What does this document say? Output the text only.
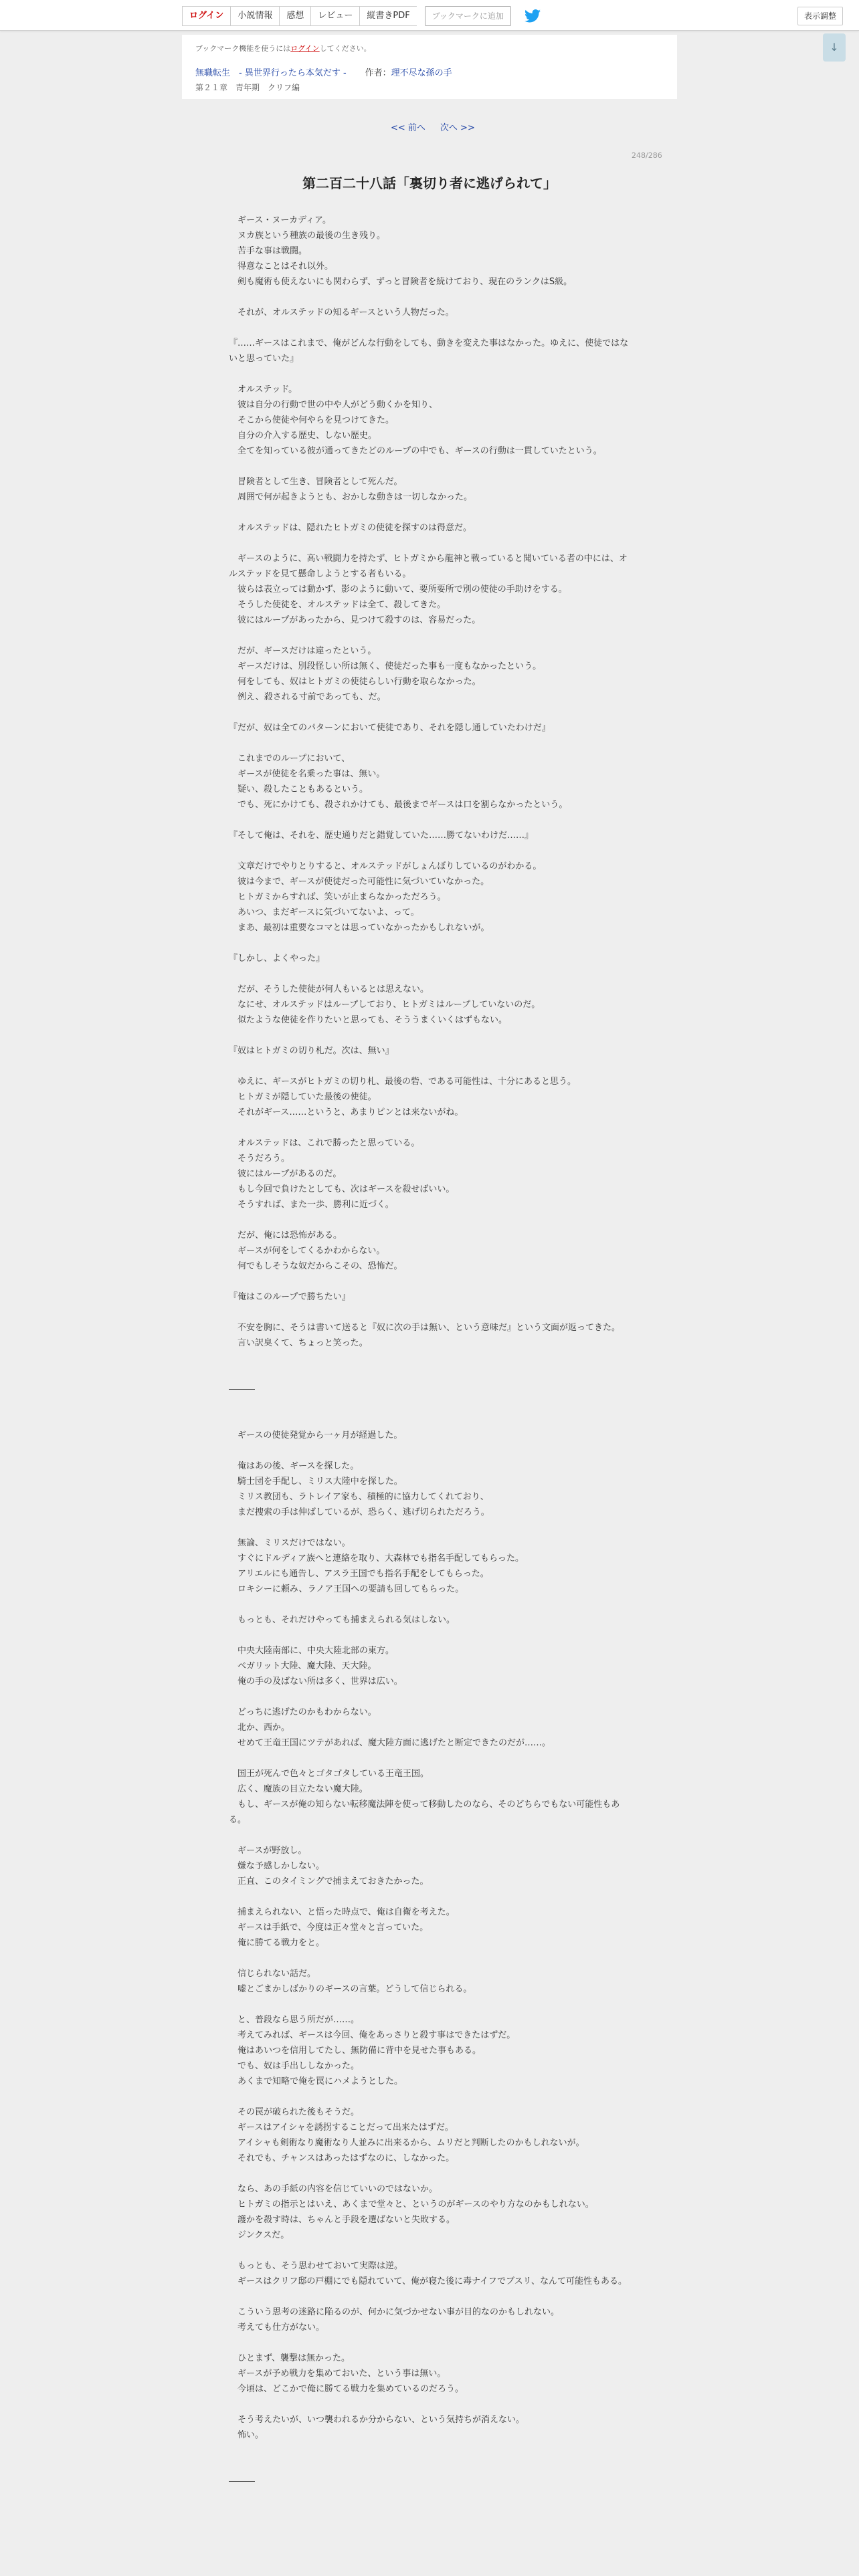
ログイン	小説情報	感想	レビュー	縦書きPDF	ブックマークに追加	表示調整
↓
ブックマーク機能を使うにはログインしてください。
無職転生　- 異世界行ったら本気だす - 作者：理不尽な孫の手
第２１章　青年期　クリフ編
<< 前へ 次へ >>
248/286
第二百二十八話「裏切り者に逃げられて」

　ギース・ヌーカディア。

　ヌカ族という種族の最後の生き残り。

　苦手な事は戦闘。

　得意なことはそれ以外。

　剣も魔術も使えないにも関わらず、ずっと冒険者を続けており、現在のランクはS級。

　それが、オルステッドの知るギースという人物だった。

『……ギースはこれまで、俺がどんな行動をしても、動きを変えた事はなかった。ゆえに、使徒ではないと思っていた』

　オルステッド。

　彼は自分の行動で世の中や人がどう動くかを知り、

　そこから使徒や何やらを見つけてきた。

　自分の介入する歴史、しない歴史。

　全てを知っている彼が通ってきたどのループの中でも、ギースの行動は一貫していたという。

　冒険者として生き、冒険者として死んだ。

　周囲で何が起きようとも、おかしな動きは一切しなかった。

　オルステッドは、隠れたヒトガミの使徒を探すのは得意だ。

　ギースのように、高い戦闘力を持たず、ヒトガミから龍神と戦っていると聞いている者の中には、オルステッドを見て懸命しようとする者もいる。

　彼らは表立っては動かず、影のように動いて、要所要所で別の使徒の手助けをする。

　そうした使徒を、オルステッドは全て、殺してきた。

　彼にはループがあったから、見つけて殺すのは、容易だった。

　だが、ギースだけは違ったという。

　ギースだけは、別段怪しい所は無く、使徒だった事も一度もなかったという。

　何をしても、奴はヒトガミの使徒らしい行動を取らなかった。

　例え、殺される寸前であっても、だ。

『だが、奴は全てのパターンにおいて使徒であり、それを隠し通していたわけだ』

　これまでのループにおいて、

　ギースが使徒を名乗った事は、無い。

　疑い、殺したこともあるという。

　でも、死にかけても、殺されかけても、最後までギースは口を割らなかったという。

『そして俺は、それを、歴史通りだと錯覚していた……勝てないわけだ……』

　文章だけでやりとりすると、オルステッドがしょんぼりしているのがわかる。

　彼は今まで、ギースが使徒だった可能性に気づいていなかった。

　ヒトガミからすれば、笑いが止まらなかっただろう。

　あいつ、まだギースに気づいてないよ、って。

　まあ、最初は重要なコマとは思っていなかったかもしれないが。

『しかし、よくやった』

　だが、そうした使徒が何人もいるとは思えない。

　なにせ、オルステッドはループしており、ヒトガミはループしていないのだ。

　似たような使徒を作りたいと思っても、そううまくいくはずもない。

『奴はヒトガミの切り札だ。次は、無い』

　ゆえに、ギースがヒトガミの切り札、最後の砦、である可能性は、十分にあると思う。

　ヒトガミが隠していた最後の使徒。

　それがギース……というと、あまりピンとは来ないがね。

　オルステッドは、これで勝ったと思っている。

　そうだろう。

　彼にはループがあるのだ。

　もし今回で負けたとしても、次はギースを殺せばいい。

　そうすれば、また一歩、勝利に近づく。

　だが、俺には恐怖がある。

　ギースが何をしてくるかわからない。

　何でもしそうな奴だからこその、恐怖だ。

『俺はこのループで勝ちたい』

　不安を胸に、そうは書いて送ると『奴に次の手は無い、という意味だ』という文面が返ってきた。

　言い訳臭くて、ちょっと笑った。

―――

　ギースの使徒発覚から一ヶ月が経過した。

　俺はあの後、ギースを探した。

　騎士団を手配し、ミリス大陸中を探した。

　ミリス教団も、ラトレイア家も、積極的に協力してくれており、

　まだ捜索の手は伸ばしているが、恐らく、逃げ切られただろう。

　無論、ミリスだけではない。

　すぐにドルディア族へと連絡を取り、大森林でも指名手配してもらった。

　アリエルにも通告し、アスラ王国でも指名手配をしてもらった。

　ロキシーに頼み、ラノア王国への要請も回してもらった。

　もっとも、それだけやっても捕まえられる気はしない。

　中央大陸南部に、中央大陸北部の東方。

　ベガリット大陸、魔大陸、天大陸。

　俺の手の及ばない所は多く、世界は広い。

　どっちに逃げたのかもわからない。

　北か、西か。

　せめて王竜王国にツテがあれば、魔大陸方面に逃げたと断定できたのだが……。

　国王が死んで色々とゴタゴタしている王竜王国。

　広く、魔族の目立たない魔大陸。

　もし、ギースが俺の知らない転移魔法陣を使って移動したのなら、そのどちらでもない可能性もある。

　ギースが野放し。

　嫌な予感しかしない。

　正直、このタイミングで捕まえておきたかった。

　捕まえられない、と悟った時点で、俺は自衛を考えた。

　ギースは手紙で、今度は正々堂々と言っていた。

　俺に勝てる戦力をと。

　信じられない話だ。

　嘘とごまかしばかりのギースの言葉。どうして信じられる。

　と、普段なら思う所だが……。

　考えてみれば、ギースは今回、俺をあっさりと殺す事はできたはずだ。

　俺はあいつを信用してたし、無防備に背中を見せた事もある。

　でも、奴は手出ししなかった。

　あくまで知略で俺を罠にハメようとした。

　その罠が破られた後もそうだ。

　ギースはアイシャを誘拐することだって出来たはずだ。

　アイシャも剣術なり魔術なり人並みに出来るから、ムリだと判断したのかもしれないが。

　それでも、チャンスはあったはずなのに、しなかった。

　なら、あの手紙の内容を信じていいのではないか。

　ヒトガミの指示とはいえ、あくまで堂々と、というのがギースのやり方なのかもしれない。

　護かを殺す時は、ちゃんと手段を選ばないと失敗する。

　ジンクスだ。

　もっとも、そう思わせておいて実際は逆。

　ギースはクリフ邸の戸棚にでも隠れていて、俺が寝た後に毒ナイフでブスリ、なんて可能性もある。

　こういう思考の迷路に陥るのが、何かに気づかせない事が目的なのかもしれない。

　考えても仕方がない。

　ひとまず、襲撃は無かった。

　ギースが予め戦力を集めておいた、という事は無い。

　今頃は、どこかで俺に勝てる戦力を集めているのだろう。

　そう考えたいが、いつ襲われるか分からない、という気持ちが消えない。

　怖い。

―――
